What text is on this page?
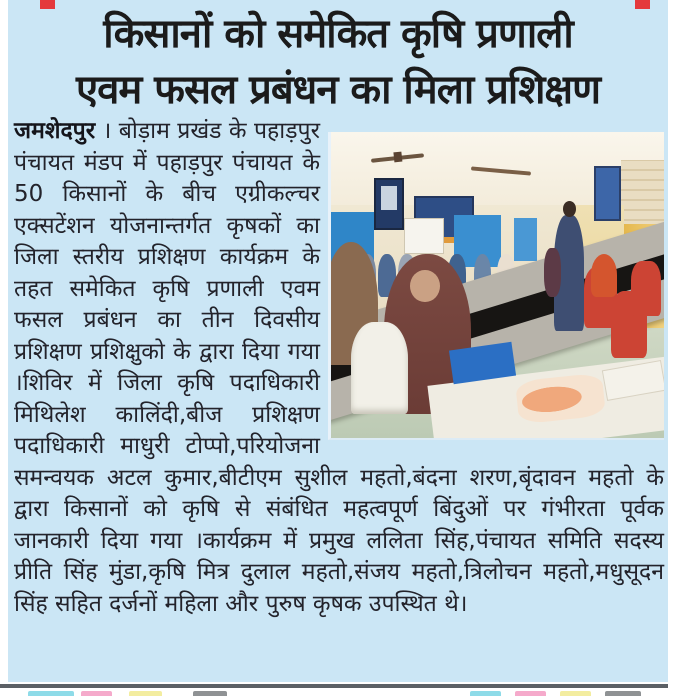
किसानों को समेकित कृषि प्रणाली
एवम फसल प्रबंधन का मिला प्रशिक्षण
जमशेदपुर । बोड़ाम प्रखंड के पहाड़पुर पंचायत मंडप में पहाड़पुर पंचायत के 50 किसानों के बीच एग्रीकल्चर एक्सटेंशन योजनान्तर्गत कृषकों का जिला स्तरीय प्रशिक्षण कार्यक्रम के तहत समेकित कृषि प्रणाली एवम फसल प्रबंधन का तीन दिवसीय प्रशिक्षण प्रशिक्षुको के द्वारा दिया गया ।शिविर में जिला कृषि पदाधिकारी मिथिलेश कालिंदी,बीज प्रशिक्षण पदाधिकारी माधुरी टोप्पो,परियोजना समन्वयक अटल कुमार,बीटीएम सुशील महतो,बंदना शरण,बृंदावन महतो के द्वारा किसानों को कृषि से संबंधित महत्वपूर्ण बिंदुओं पर गंभीरता पूर्वक जानकारी दिया गया ।कार्यक्रम में प्रमुख ललिता सिंह,पंचायत समिति सदस्य प्रीति सिंह मुंडा,कृषि मित्र दुलाल महतो,संजय महतो,त्रिलोचन महतो,मधुसूदन सिंह सहित दर्जनों महिला और पुरुष कृषक उपस्थित थे।
